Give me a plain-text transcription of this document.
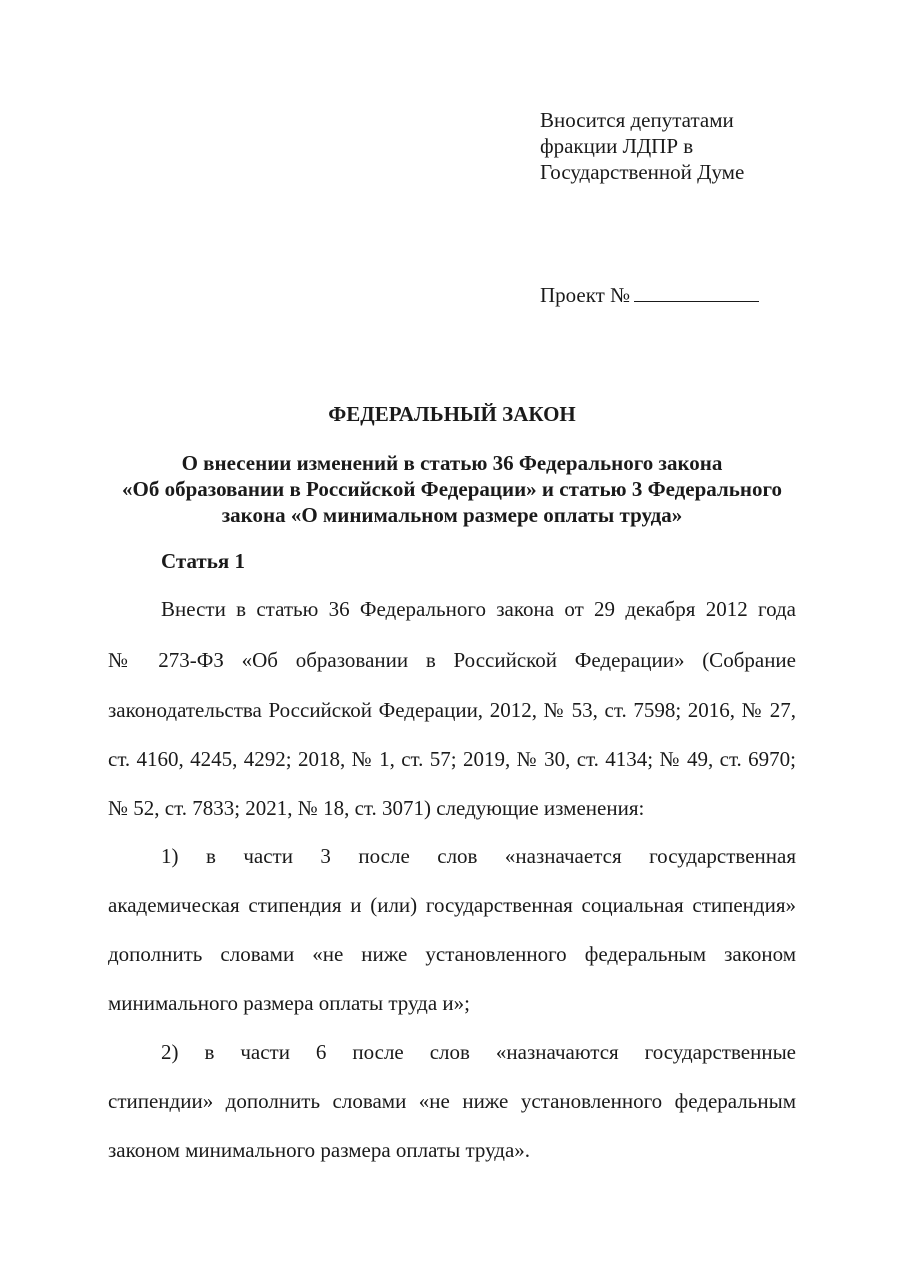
Вносится депутатами
фракции ЛДПР в
Государственной Думе
Проект №
ФЕДЕРАЛЬНЫЙ ЗАКОН
О внесении изменений в статью 36 Федерального закона
«Об образовании в Российской Федерации» и статью 3 Федерального
закона «О минимальном размере оплаты труда»
Статья 1
Внести в статью 36 Федерального закона от 29 декабря 2012 года
№ 273-ФЗ «Об образовании в Российской Федерации» (Собрание
законодательства Российской Федерации, 2012, № 53, ст. 7598; 2016, № 27,
ст. 4160, 4245, 4292; 2018, № 1, ст. 57; 2019, № 30, ст. 4134; № 49, ст. 6970;
№ 52, ст. 7833; 2021, № 18, ст. 3071) следующие изменения:
1) в части 3 после слов «назначается государственная
академическая стипендия и (или) государственная социальная стипендия»
дополнить словами «не ниже установленного федеральным законом
минимального размера оплаты труда и»;
2) в части 6 после слов «назначаются государственные
стипендии» дополнить словами «не ниже установленного федеральным
законом минимального размера оплаты труда».
